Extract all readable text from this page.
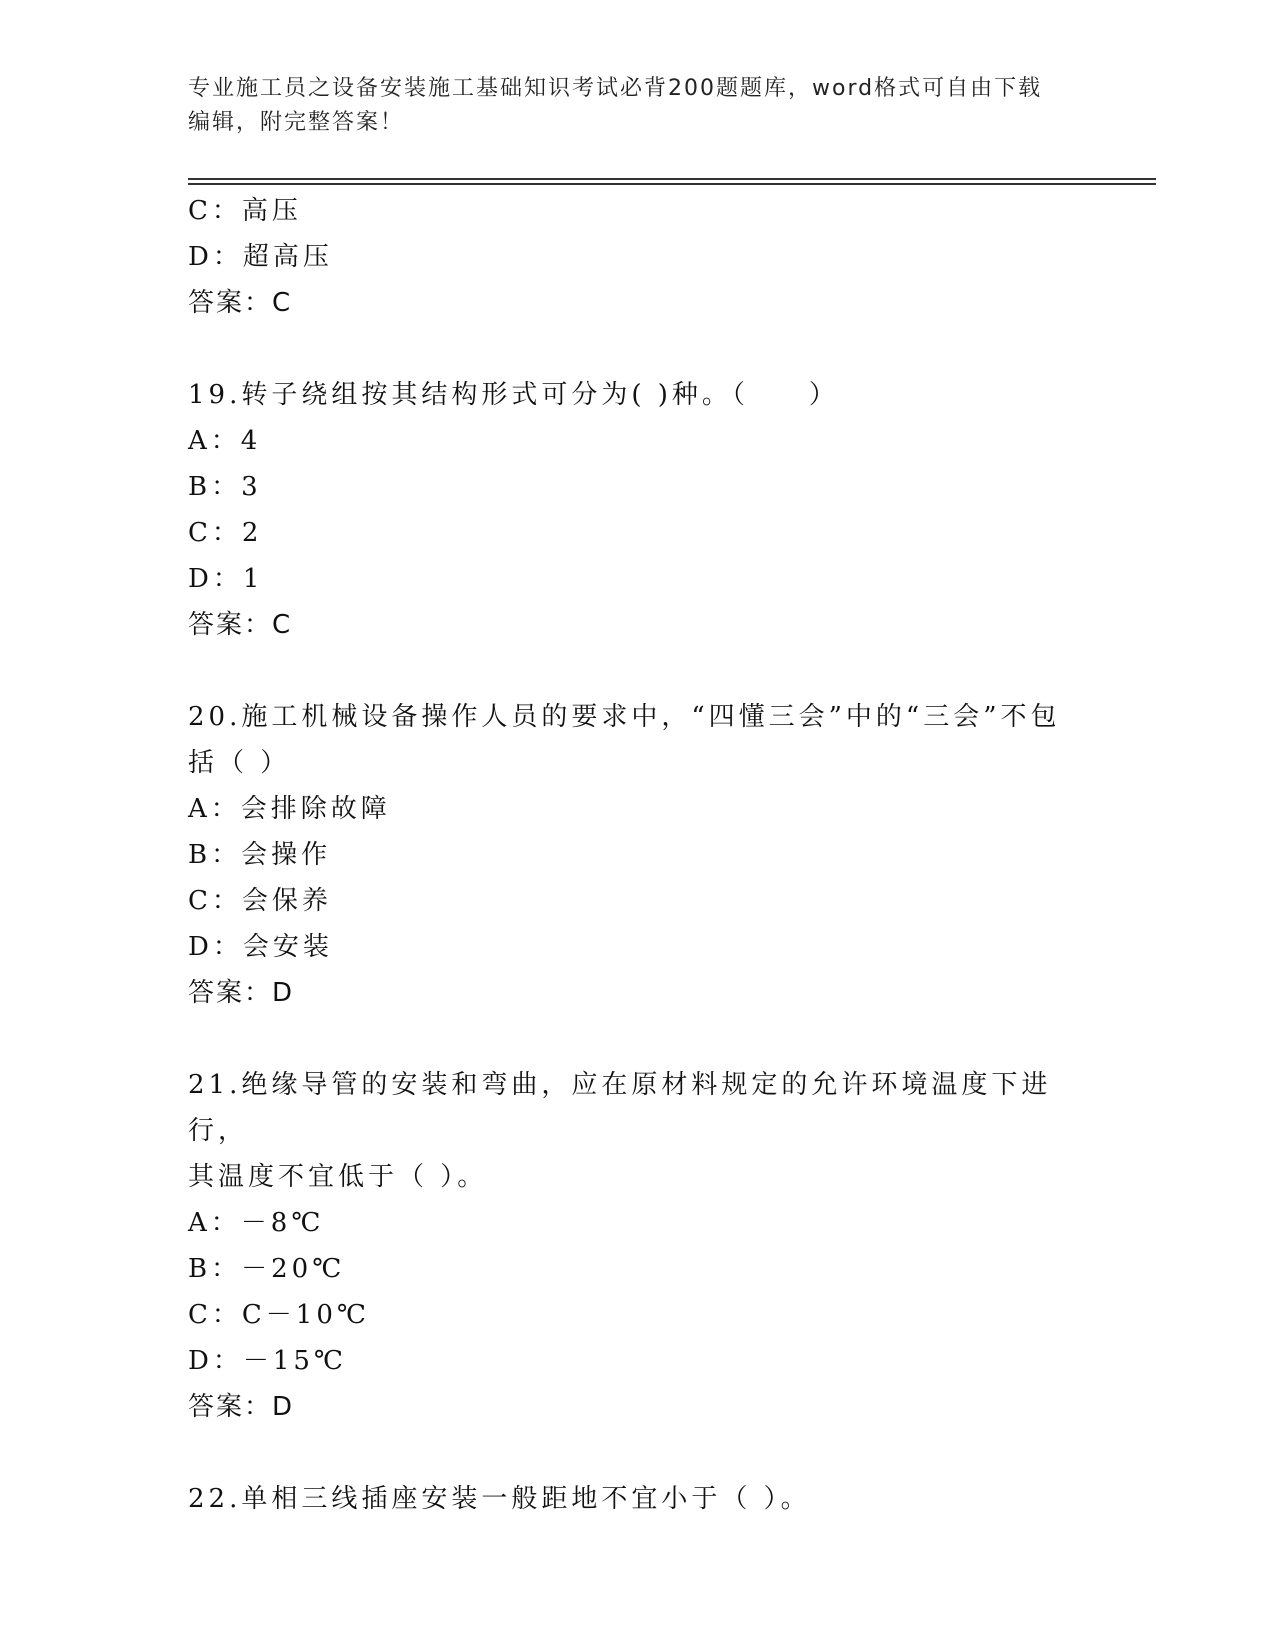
专业施工员之设备安装施工基础知识考试必背200题题库，word格式可自由下载
编辑，附完整答案！
C：高压
D：超高压
答案：C
19.转子绕组按其结构形式可分为( )种。（　　）
A：4
B：3
C：2
D：1
答案：C
20.施工机械设备操作人员的要求中，“四懂三会”中的“三会”不包
括（ ）
A：会排除故障
B：会操作
C：会保养
D：会安装
答案：D
21.绝缘导管的安装和弯曲，应在原材料规定的允许环境温度下进行，
其温度不宜低于（ ）。
A：－8℃
B：－20℃
C：C－10℃
D：－15℃
答案：D
22.单相三线插座安装一般距地不宜小于（ ）。
